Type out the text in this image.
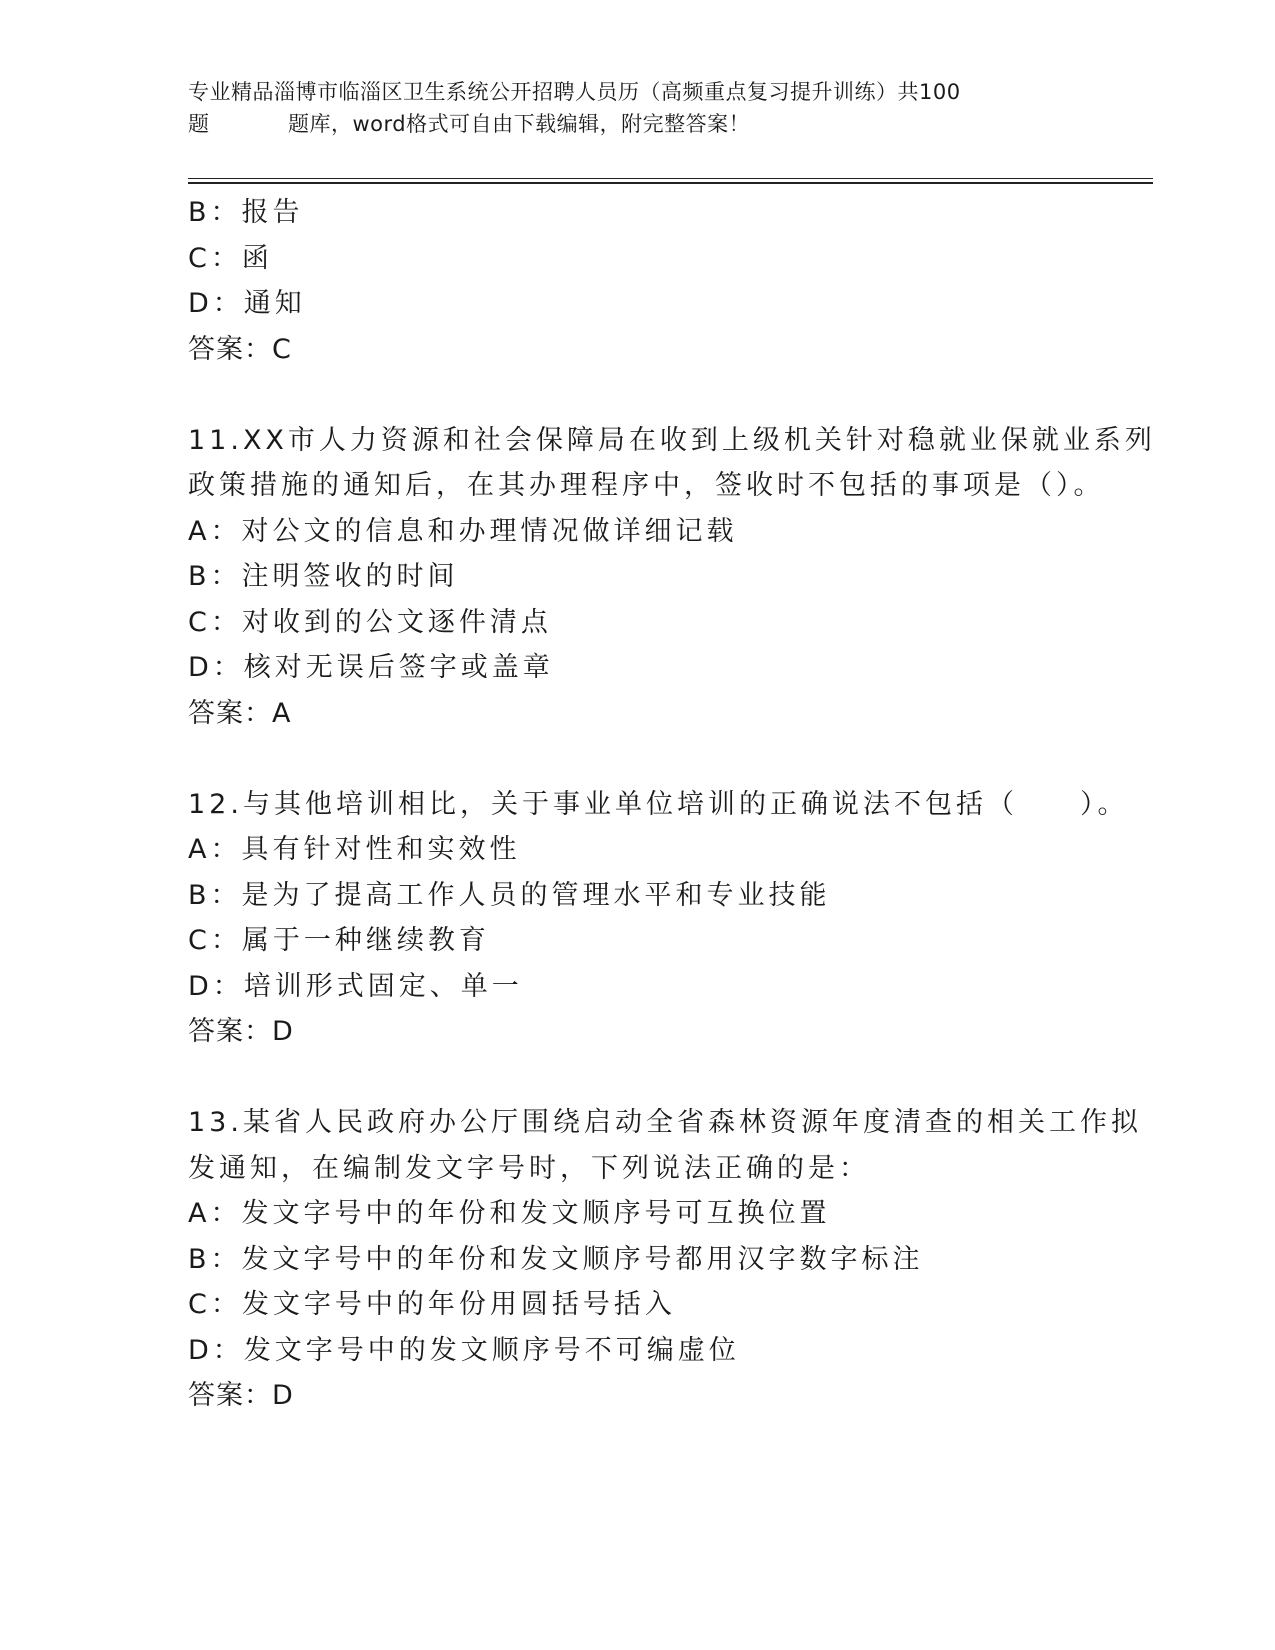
专业精品淄博市临淄区卫生系统公开招聘人员历（高频重点复习提升训练）共100
题	题库，word格式可自由下载编辑，附完整答案！
B：报告
C：函
D：通知
答案：C
11.XX市人力资源和社会保障局在收到上级机关针对稳就业保就业系列
政策措施的通知后，在其办理程序中，签收时不包括的事项是（）。
A：对公文的信息和办理情况做详细记载
B：注明签收的时间
C：对收到的公文逐件清点
D：核对无误后签字或盖章
答案：A
12.与其他培训相比，关于事业单位培训的正确说法不包括（　　）。
A：具有针对性和实效性
B：是为了提高工作人员的管理水平和专业技能
C：属于一种继续教育
D：培训形式固定、单一
答案：D
13.某省人民政府办公厅围绕启动全省森林资源年度清查的相关工作拟
发通知，在编制发文字号时，下列说法正确的是：
A：发文字号中的年份和发文顺序号可互换位置
B：发文字号中的年份和发文顺序号都用汉字数字标注
C：发文字号中的年份用圆括号括入
D：发文字号中的发文顺序号不可编虚位
答案：D
